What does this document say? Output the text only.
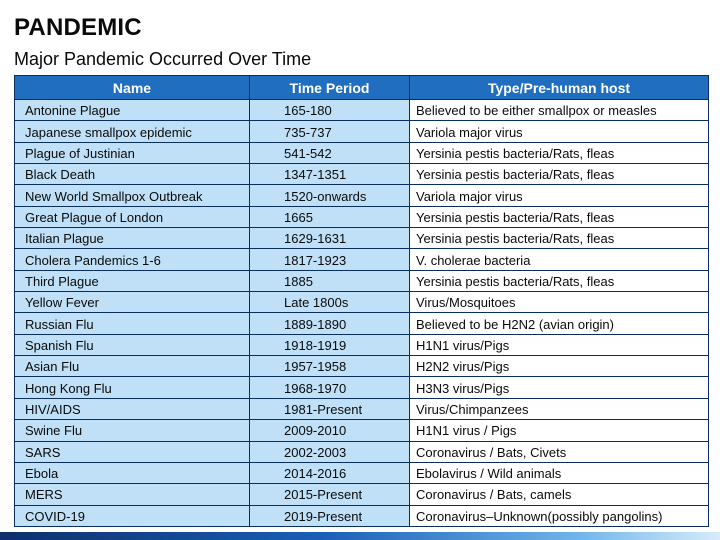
PANDEMIC
Major Pandemic Occurred Over Time
Name	Time Period	Type/Pre-human host
Antonine Plague	165-180	Believed to be either smallpox or measles
Japanese smallpox epidemic	735-737	Variola major virus
Plague of Justinian	541-542	Yersinia pestis bacteria/Rats, fleas
Black Death	1347-1351	Yersinia pestis bacteria/Rats, fleas
New World Smallpox Outbreak	1520-onwards	Variola major virus
Great Plague of London	1665	Yersinia pestis bacteria/Rats, fleas
Italian Plague	1629-1631	Yersinia pestis bacteria/Rats, fleas
Cholera Pandemics 1-6	1817-1923	V. cholerae bacteria
Third Plague	1885	Yersinia pestis bacteria/Rats, fleas
Yellow Fever	Late 1800s	Virus/Mosquitoes
Russian Flu	1889-1890	Believed to be H2N2 (avian origin)
Spanish Flu	1918-1919	H1N1 virus/Pigs
Asian Flu	1957-1958	H2N2 virus/Pigs
Hong Kong Flu	1968-1970	H3N3 virus/Pigs
HIV/AIDS	1981-Present	Virus/Chimpanzees
Swine Flu	2009-2010	H1N1 virus / Pigs
SARS	2002-2003	Coronavirus / Bats, Civets
Ebola	2014-2016	Ebolavirus / Wild animals
MERS	2015-Present	Coronavirus / Bats, camels
COVID-19	2019-Present	Coronavirus–Unknown(possibly pangolins)
